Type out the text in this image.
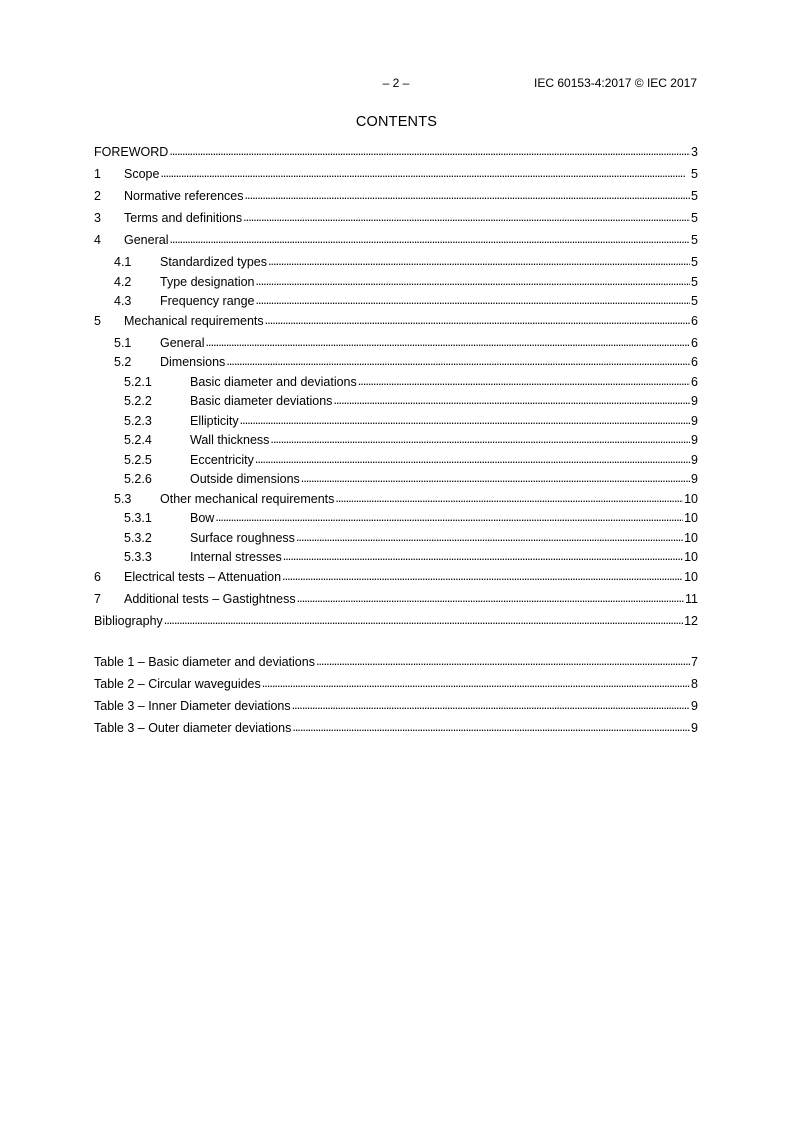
– 2 –	IEC 60153-4:2017 © IEC 2017
CONTENTS
FOREWORD . . .	3
1	Scope . . .	5
2	Normative references . . .	5
3	Terms and definitions . . .	5
4	General . . .	5
4.1	Standardized types . . .	5
4.2	Type designation . . .	5
4.3	Frequency range . . .	5
5	Mechanical requirements . . .	6
5.1	General . . .	6
5.2	Dimensions . . .	6
5.2.1	Basic diameter and deviations . . .	6
5.2.2	Basic diameter deviations . . .	9
5.2.3	Ellipticity . . .	9
5.2.4	Wall thickness . . .	9
5.2.5	Eccentricity . . .	9
5.2.6	Outside dimensions . . .	9
5.3	Other mechanical requirements . . .	10
5.3.1	Bow . . .	10
5.3.2	Surface roughness . . .	10
5.3.3	Internal stresses . . .	10
6	Electrical tests – Attenuation . . .	10
7	Additional tests – Gastightness . . .	11
Bibliography . . .	12
Table 1 – Basic diameter and deviations . . .	7
Table 2 – Circular waveguides . . .	8
Table 3 – Inner Diameter deviations . . .	9
Table 3 – Outer diameter deviations . . .	9
